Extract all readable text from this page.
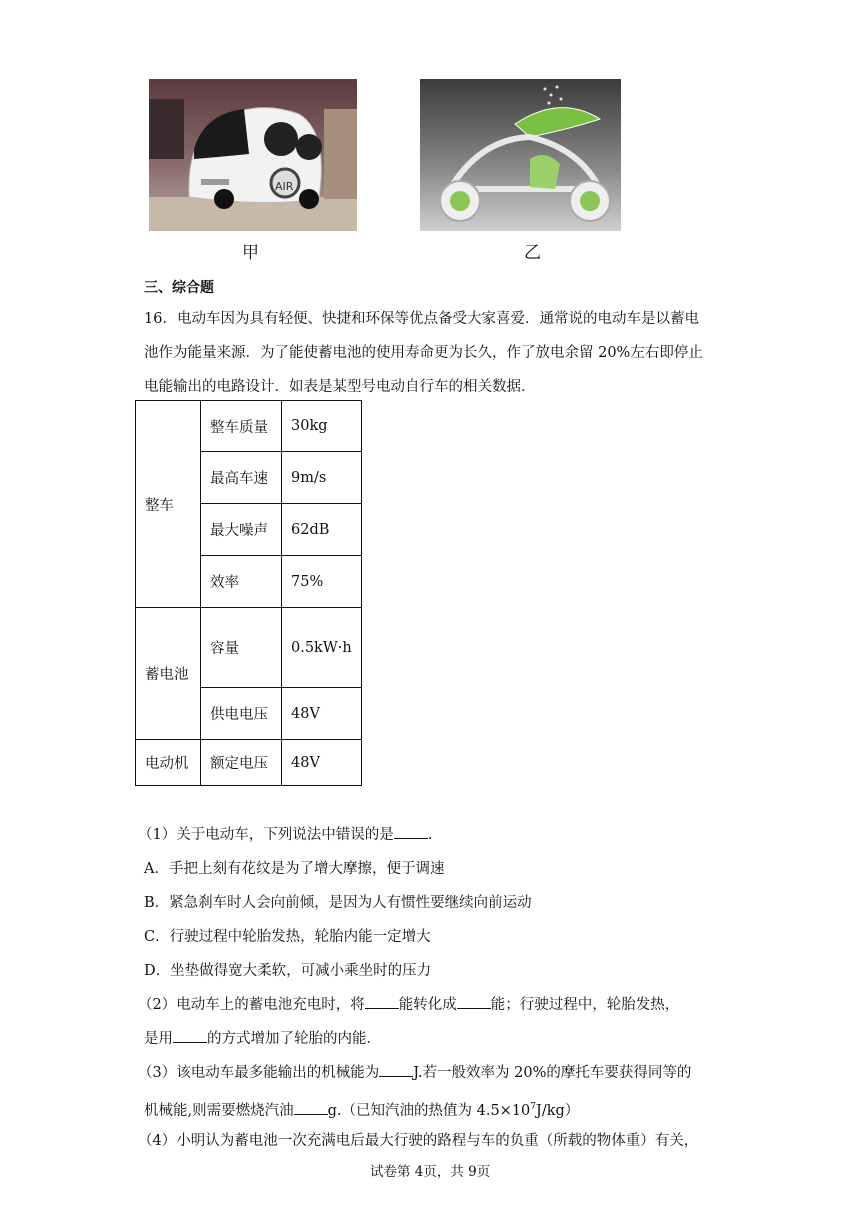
AIR
甲	乙
三、综合题
16．电动车因为具有轻便、快捷和环保等优点备受大家喜爱．通常说的电动车是以蓄电
池作为能量来源．为了能使蓄电池的使用寿命更为长久，作了放电余留 20%左右即停止
电能输出的电路设计．如表是某型号电动自行车的相关数据．
整车	整车质量	30kg
	最高车速	9m/s
	最大噪声	62dB
	效率	75%
蓄电池	容量	0.5kW·h
	供电电压	48V
电动机	额定电压	48V
（1）关于电动车，下列说法中错误的是 .
A．手把上刻有花纹是为了增大摩擦，便于调速
B．紧急刹车时人会向前倾，是因为人有惯性要继续向前运动
C．行驶过程中轮胎发热，轮胎内能一定增大
D．坐垫做得宽大柔软，可减小乘坐时的压力
（2）电动车上的蓄电池充电时，将 能转化成 能；行驶过程中，轮胎发热，
是用 的方式增加了轮胎的内能．
（3）该电动车最多能输出的机械能为 J.若一般效率为 20%的摩托车要获得同等的
机械能,则需要燃烧汽油 g.（已知汽油的热值为 $4.5\times 10^7J/kg$）
（4）小明认为蓄电池一次充满电后最大行驶的路程与车的负重（所载的物体重）有关，
试卷第 4页，共 9页
